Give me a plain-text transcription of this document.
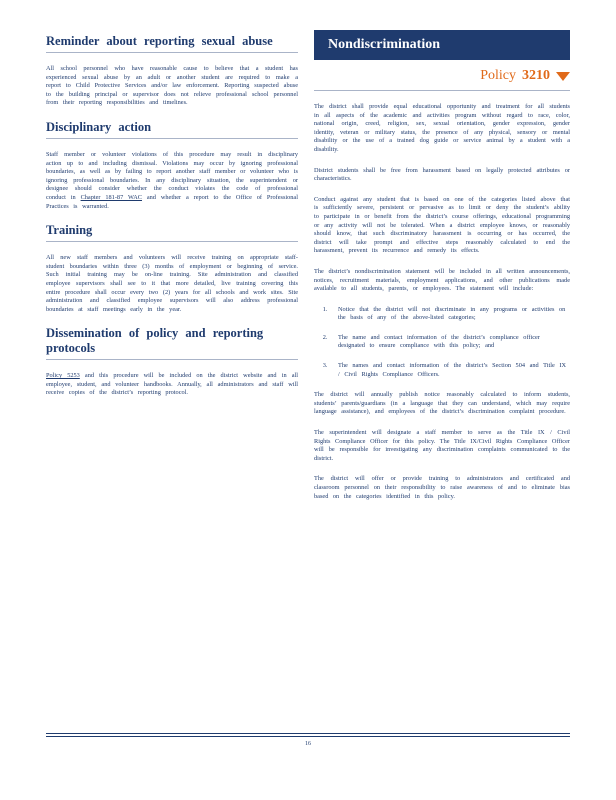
Reminder about reporting sexual abuse

All school personnel who have reasonable cause to believe that a student has experienced sexual abuse by an adult or another student are required to make a report to Child Protective Services and/or law enforcement. Reporting suspected abuse to the building principal or supervisor does not relieve professional school personnel from their reporting responsibilities and timelines.

Disciplinary action

Staff member or volunteer violations of this procedure may result in disciplinary action up to and including dismissal. Violations may occur by ignoring professional boundaries, as well as by failing to report another staff member or volunteer who is ignoring professional boundaries. In any disciplinary situation, the superintendent or designee should consider whether the conduct violates the code of professional conduct in Chapter 181-87 WAC and whether a report to the Office of Professional Practices is warranted.

Training

All new staff members and volunteers will receive training on appropriate staff-student boundaries within three (3) months of employment or beginning of service. Such initial training may be on-line training. Site administration and classified employee supervisors shall see to it that more detailed, live training covering this entire procedure shall occur every two (2) years for all schools and work sites. Site administration and classified employee supervisors will also address professional boundaries at staff meetings early in the year.

Dissemination of policy and reporting protocols

Policy 5253 and this procedure will be included on the district website and in all employee, student, and volunteer handbooks. Annually, all administrators and staff will receive copies of the district’s reporting protocol.

Nondiscrimination
Policy 3210

The district shall provide equal educational opportunity and treatment for all students in all aspects of the academic and activities program without regard to race, color, national origin, creed, religion, sex, sexual orientation, gender expression, gender identity, veteran or military status, the presence of any physical, sensory or mental disability or the use of a trained dog guide or service animal by a student with a disability.

District students shall be free from harassment based on legally protected attributes or characteristics.

Conduct against any student that is based on one of the categories listed above that is sufficiently severe, persistent or pervasive as to limit or deny the student’s ability to participate in or benefit from the district’s course offerings, educational programming or any activity will not be tolerated. When a district employee knows, or reasonably should know, that such discriminatory harassment is occurring or has occurred, the district will take prompt and effective steps reasonably calculated to end the harassment, prevent its recurrence and remedy its effects.

The district’s nondiscrimination statement will be included in all written announcements, notices, recruitment materials, employment applications, and other publications made available to all students, parents, or employees. The statement will include:

1. Notice that the district will not discriminate in any programs or activities on the basis of any of the above-listed categories;
2. The name and contact information of the district’s compliance officer designated to ensure compliance with this policy; and
3. The names and contact information of the district’s Section 504 and Title IX / Civil Rights Compliance Officers.

The district will annually publish notice reasonably calculated to inform students, students’ parents/guardians (in a language that they can understand, which may require language assistance), and employees of the district’s discrimination complaint procedure.

The superintendent will designate a staff member to serve as the Title IX / Civil Rights Compliance Officer for this policy. The Title IX/Civil Rights Compliance Officer will be responsible for investigating any discrimination complaints communicated to the district.

The district will offer or provide training to administrators and certificated and classroom personnel on their responsibility to raise awareness of and to eliminate bias based on the categories identified in this policy.

16
